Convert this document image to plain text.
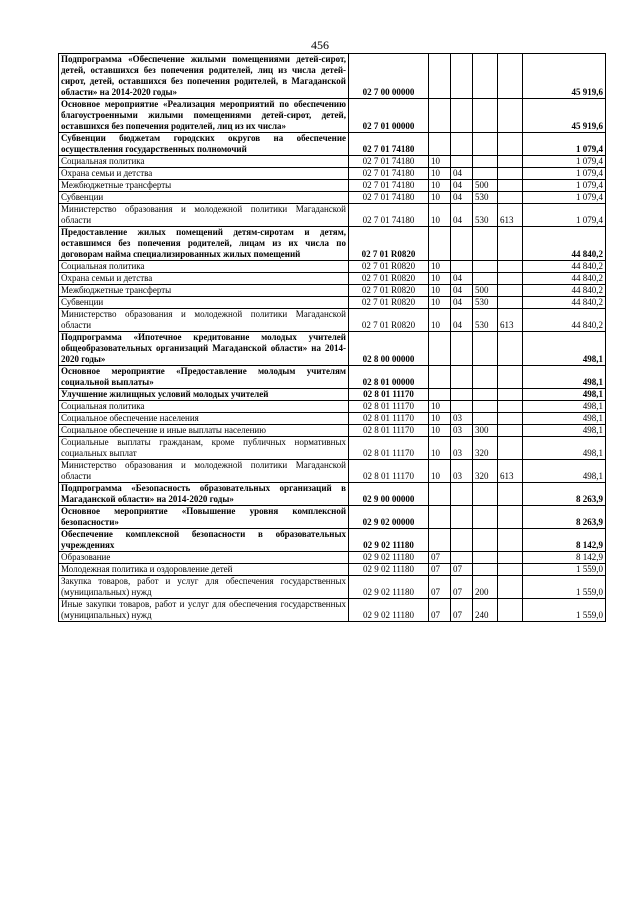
456
Подпрограмма «Обеспечение жилыми помещениями детей-сирот, детей, оставшихся без попечения родителей, лиц из числа детей-сирот, детей, оставшихся без попечения родителей, в Магаданской области» на 2014-2020 годы»	02 7 00 00000					45 919,6
Основное мероприятие «Реализация мероприятий по обеспечению благоустроенными жилыми помещениями детей-сирот, детей, оставшихся без попечения родителей, лиц из их числа»	02 7 01 00000					45 919,6
Субвенции бюджетам городских округов на обеспечение осуществления государственных полномочий	02 7 01 74180					1 079,4
Социальная политика	02 7 01 74180	10				1 079,4
Охрана семьи и детства	02 7 01 74180	10	04			1 079,4
Межбюджетные трансферты	02 7 01 74180	10	04	500		1 079,4
Субвенции	02 7 01 74180	10	04	530		1 079,4
Министерство образования и молодежной политики Магаданской области	02 7 01 74180	10	04	530	613	1 079,4
Предоставление жилых помещений детям-сиротам и детям, оставшимся без попечения родителей, лицам из их числа по договорам найма специализированных жилых помещений	02 7 01 R0820					44 840,2
Социальная политика	02 7 01 R0820	10				44 840,2
Охрана семьи и детства	02 7 01 R0820	10	04			44 840,2
Межбюджетные трансферты	02 7 01 R0820	10	04	500		44 840,2
Субвенции	02 7 01 R0820	10	04	530		44 840,2
Министерство образования и молодежной политики Магаданской области	02 7 01 R0820	10	04	530	613	44 840,2
Подпрограмма «Ипотечное кредитование молодых учителей общеобразовательных организаций Магаданской области» на 2014-2020 годы»	02 8 00 00000					498,1
Основное мероприятие «Предоставление молодым учителям социальной выплаты»	02 8 01 00000					498,1
Улучшение жилищных условий молодых учителей	02 8 01 11170					498,1
Социальная политика	02 8 01 11170	10				498,1
Социальное обеспечение населения	02 8 01 11170	10	03			498,1
Социальное обеспечение и иные выплаты населению	02 8 01 11170	10	03	300		498,1
Социальные выплаты гражданам, кроме публичных нормативных социальных выплат	02 8 01 11170	10	03	320		498,1
Министерство образования и молодежной политики Магаданской области	02 8 01 11170	10	03	320	613	498,1
Подпрограмма «Безопасность образовательных организаций в Магаданской области» на 2014-2020 годы»	02 9 00 00000					8 263,9
Основное мероприятие «Повышение уровня комплексной безопасности»	02 9 02 00000					8 263,9
Обеспечение комплексной безопасности в образовательных учреждениях	02 9 02 11180					8 142,9
Образование	02 9 02 11180	07				8 142,9
Молодежная политика и оздоровление детей	02 9 02 11180	07	07			1 559,0
Закупка товаров, работ и услуг для обеспечения государственных (муниципальных) нужд	02 9 02 11180	07	07	200		1 559,0
Иные закупки товаров, работ и услуг для обеспечения государственных (муниципальных) нужд	02 9 02 11180	07	07	240		1 559,0
